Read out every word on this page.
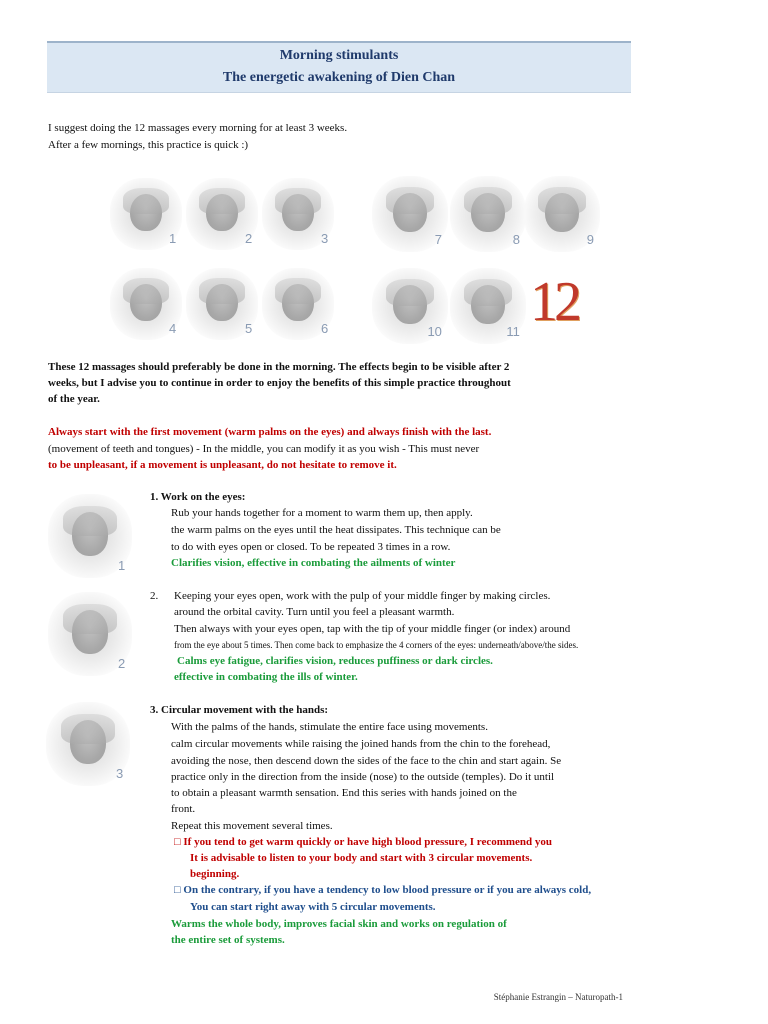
Morning stimulants
The energetic awakening of Dien Chan
I suggest doing the 12 massages every morning for at least 3 weeks.
After a few mornings, this practice is quick :)
1	2	3	7	8	9
4	5	6	10	11 12
These 12 massages should preferably be done in the morning. The effects begin to be visible after 2
weeks, but I advise you to continue in order to enjoy the benefits of this simple practice throughout
of the year.
Always start with the first movement (warm palms on the eyes) and always finish with the last.
(movement of teeth and tongues) - In the middle, you can modify it as you wish - This must never
to be unpleasant, if a movement is unpleasant, do not hesitate to remove it.
1
1. Work on the eyes:
Rub your hands together for a moment to warm them up, then apply.
the warm palms on the eyes until the heat dissipates. This technique can be
to do with eyes open or closed. To be repeated 3 times in a row.
Clarifies vision, effective in combating the ailments of winter
2
2. Keeping your eyes open, work with the pulp of your middle finger by making circles.
around the orbital cavity. Turn until you feel a pleasant warmth.
Then always with your eyes open, tap with the tip of your middle finger (or index) around
from the eye about 5 times. Then come back to emphasize the 4 corners of the eyes: underneath/above/the sides.
Calms eye fatigue, clarifies vision, reduces puffiness or dark circles.
effective in combating the ills of winter.
3
3. Circular movement with the hands:
With the palms of the hands, stimulate the entire face using movements.
calm circular movements while raising the joined hands from the chin to the forehead,
avoiding the nose, then descend down the sides of the face to the chin and start again. Se
practice only in the direction from the inside (nose) to the outside (temples). Do it until
to obtain a pleasant warmth sensation. End this series with hands joined on the
front.
Repeat this movement several times.
□ If you tend to get warm quickly or have high blood pressure, I recommend you
It is advisable to listen to your body and start with 3 circular movements.
beginning.
□ On the contrary, if you have a tendency to low blood pressure or if you are always cold,
You can start right away with 5 circular movements.
Warms the whole body, improves facial skin and works on regulation of
the entire set of systems.
Stéphanie Estrangin – Naturopath-1
